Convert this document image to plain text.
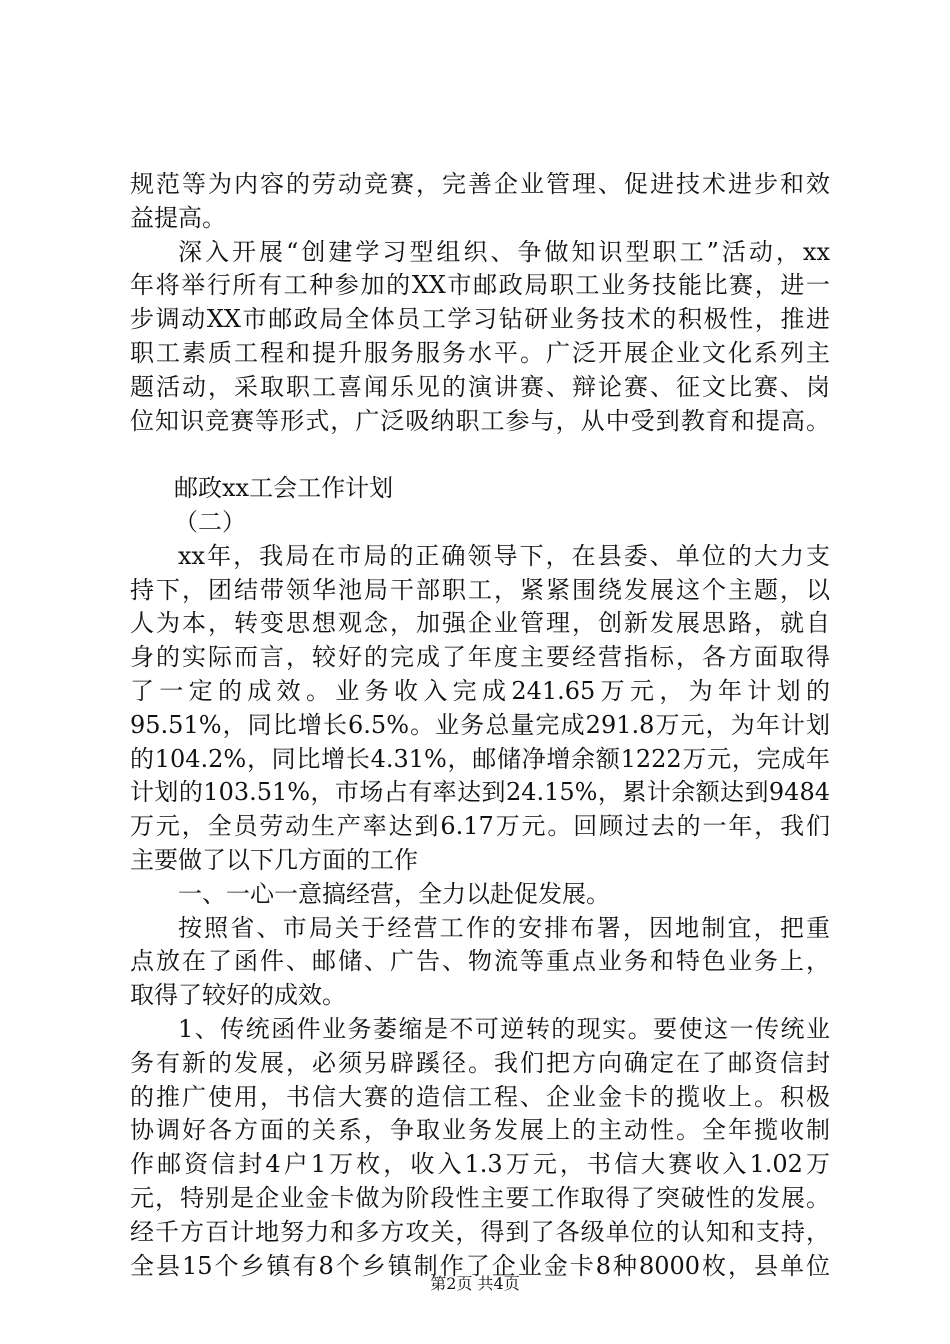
规范等为内容的劳动竞赛，完善企业管理、促进技术进步和效
益提高。
深入开展“创建学习型组织、争做知识型职工”活动，xx
年将举行所有工种参加的XX市邮政局职工业务技能比赛，进一
步调动XX市邮政局全体员工学习钻研业务技术的积极性，推进
职工素质工程和提升服务服务水平。广泛开展企业文化系列主
题活动，采取职工喜闻乐见的演讲赛、辩论赛、征文比赛、岗
位知识竞赛等形式，广泛吸纳职工参与，从中受到教育和提高。
邮政xx工会工作计划
（二）
xx年，我局在市局的正确领导下，在县委、单位的大力支
持下，团结带领华池局干部职工，紧紧围绕发展这个主题，以
人为本，转变思想观念，加强企业管理，创新发展思路，就自
身的实际而言，较好的完成了年度主要经营指标，各方面取得
了一定的成效。业务收入完成241.65万元，为年计划的
95.51%，同比增长6.5%。业务总量完成291.8万元，为年计划
的104.2%，同比增长4.31%，邮储净增余额1222万元，完成年
计划的103.51%，市场占有率达到24.15%，累计余额达到9484
万元，全员劳动生产率达到6.17万元。回顾过去的一年，我们
主要做了以下几方面的工作
一、一心一意搞经营，全力以赴促发展。
按照省、市局关于经营工作的安排布署，因地制宜，把重
点放在了函件、邮储、广告、物流等重点业务和特色业务上，
取得了较好的成效。
1、传统函件业务萎缩是不可逆转的现实。要使这一传统业
务有新的发展，必须另辟蹊径。我们把方向确定在了邮资信封
的推广使用，书信大赛的造信工程、企业金卡的揽收上。积极
协调好各方面的关系，争取业务发展上的主动性。全年揽收制
作邮资信封4户1万枚，收入1.3万元，书信大赛收入1.02万
元，特别是企业金卡做为阶段性主要工作取得了突破性的发展。
经千方百计地努力和多方攻关，得到了各级单位的认知和支持，
全县15个乡镇有8个乡镇制作了企业金卡8种8000枚，县单位
第2页 共4页
